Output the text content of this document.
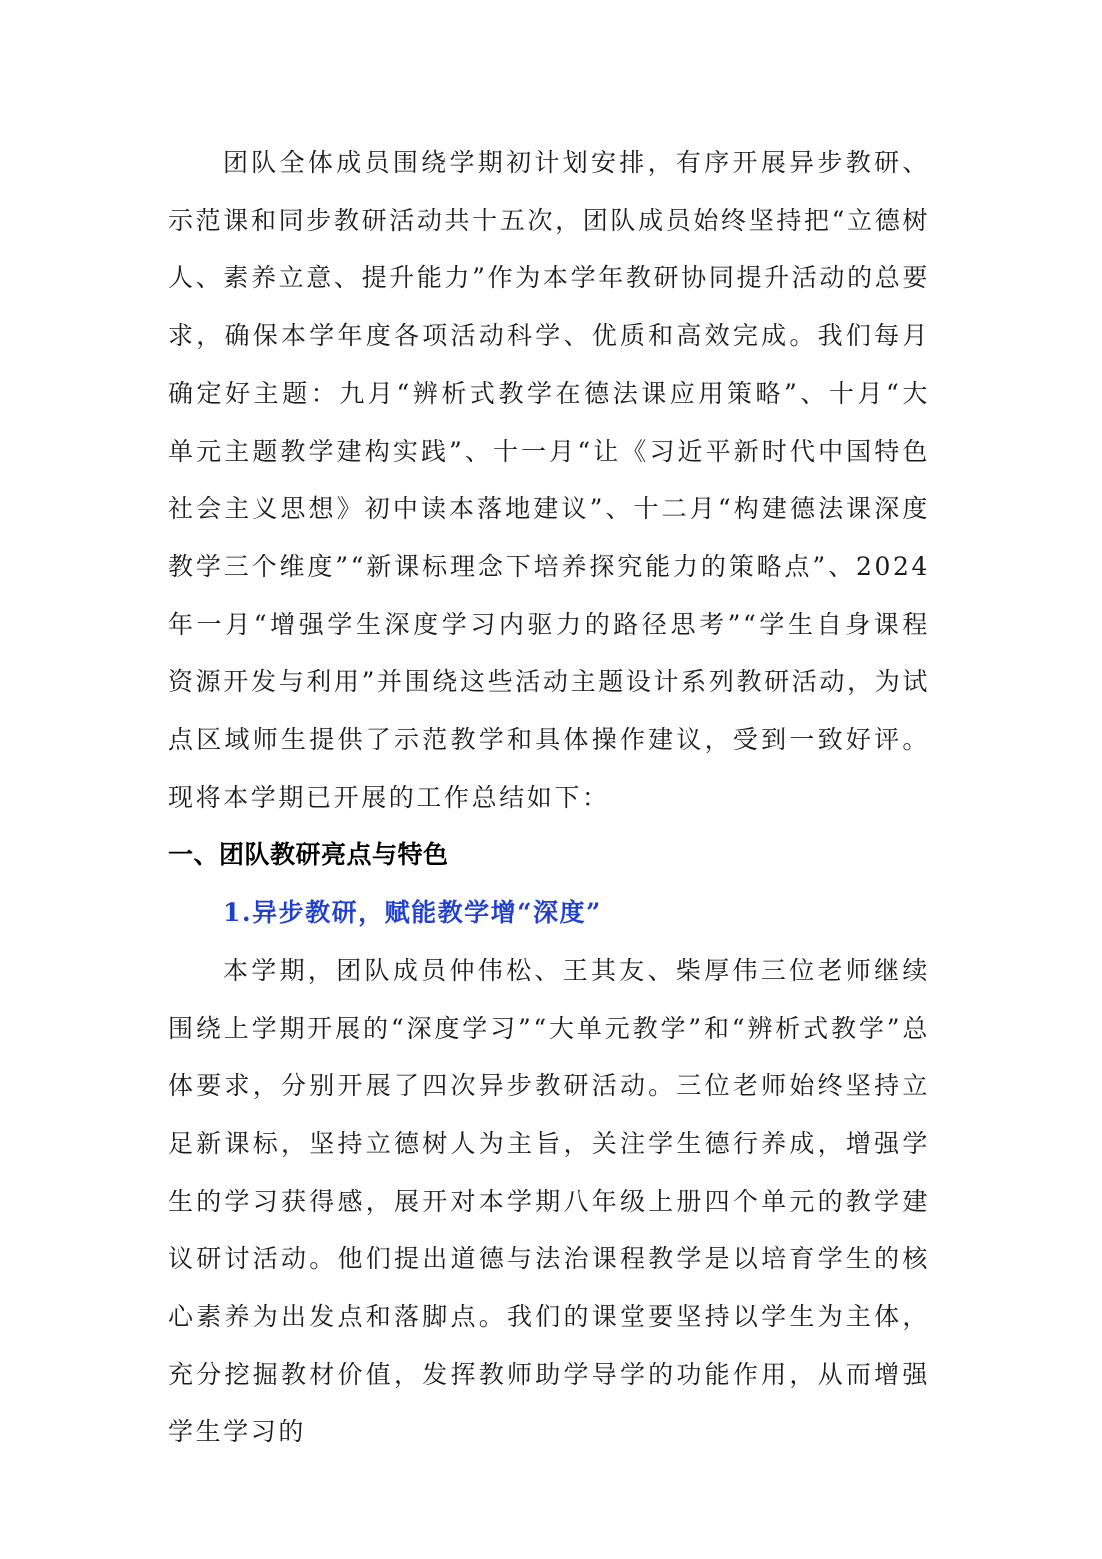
团队全体成员围绕学期初计划安排，有序开展异步教研、示范课和同步教研活动共十五次，团队成员始终坚持把“立德树人、素养立意、提升能力”作为本学年教研协同提升活动的总要求，确保本学年度各项活动科学、优质和高效完成。我们每月确定好主题：九月“辨析式教学在德法课应用策略”、十月“大单元主题教学建构实践”、十一月“让《习近平新时代中国特色社会主义思想》初中读本落地建议”、十二月“构建德法课深度教学三个维度”“新课标理念下培养探究能力的策略点”、2024年一月“增强学生深度学习内驱力的路径思考”“学生自身课程资源开发与利用”并围绕这些活动主题设计系列教研活动，为试点区域师生提供了示范教学和具体操作建议，受到一致好评。现将本学期已开展的工作总结如下：

一、团队教研亮点与特色
1.异步教研，赋能教学增“深度”

本学期，团队成员仲伟松、王其友、柴厚伟三位老师继续围绕上学期开展的“深度学习”“大单元教学”和“辨析式教学”总体要求，分别开展了四次异步教研活动。三位老师始终坚持立足新课标，坚持立德树人为主旨，关注学生德行养成，增强学生的学习获得感，展开对本学期八年级上册四个单元的教学建议研讨活动。他们提出道德与法治课程教学是以培育学生的核心素养为出发点和落脚点。我们的课堂要坚持以学生为主体，充分挖掘教材价值，发挥教师助学导学的功能作用，从而增强学生学习的
